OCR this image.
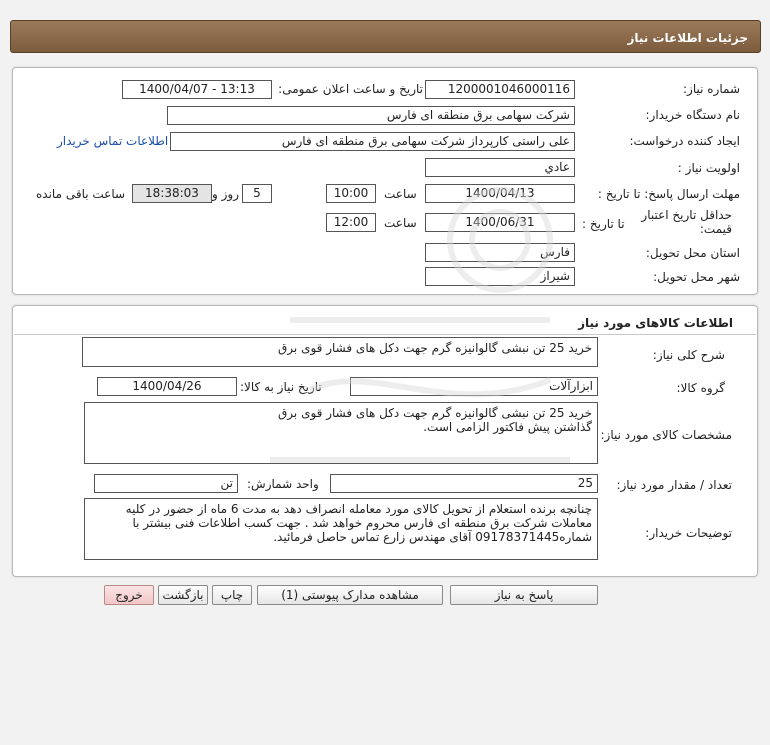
جزئیات اطلاعات نیاز
شماره نیاز:
1200001046000116
تاریخ و ساعت اعلان عمومی:
1400/04/07 - 13:13
نام دستگاه خریدار:
شرکت سهامی برق منطقه ای فارس
ایجاد کننده درخواست:
علی راستی کارپرداز شرکت سهامی برق منطقه ای فارس
اطلاعات تماس خریدار
اولویت نیاز :
عادي
مهلت ارسال پاسخ: تا تاریخ :
1400/04/13
ساعت
10:00
5
روز و
18:38:03
ساعت باقی مانده
حداقل تاریخ اعتبار قیمت:
تا تاریخ :
1400/06/31
ساعت
12:00
استان محل تحویل:
فارس
شهر محل تحویل:
شیراز
اطلاعات کالاهای مورد نیاز
شرح کلی نیاز:
خرید 25 تن نبشی گالوانیزه گرم جهت دکل های فشار قوی برق
گروه کالا:
ابزارآلات
تاریخ نیاز به کالا:
1400/04/26
مشخصات کالای مورد نیاز:
خرید 25 تن نبشی گالوانیزه گرم جهت دکل های فشار قوی برق
گذاشتن پیش فاکتور الزامی است.
تعداد / مقدار مورد نیاز:
25
واحد شمارش:
تن
توضیحات خریدار:
چنانچه برنده استعلام از تحویل کالای مورد معامله انصراف دهد به مدت 6 ماه از حضور در کلیه معاملات شرکت برق منطقه ای فارس محروم خواهد شد . جهت کسب اطلاعات فنی بیشتر با شماره09178371445 آقای مهندس زارع تماس حاصل فرمائید.
پاسخ به نیاز
مشاهده مدارک پیوستی (1)
چاپ
بازگشت
خروج
